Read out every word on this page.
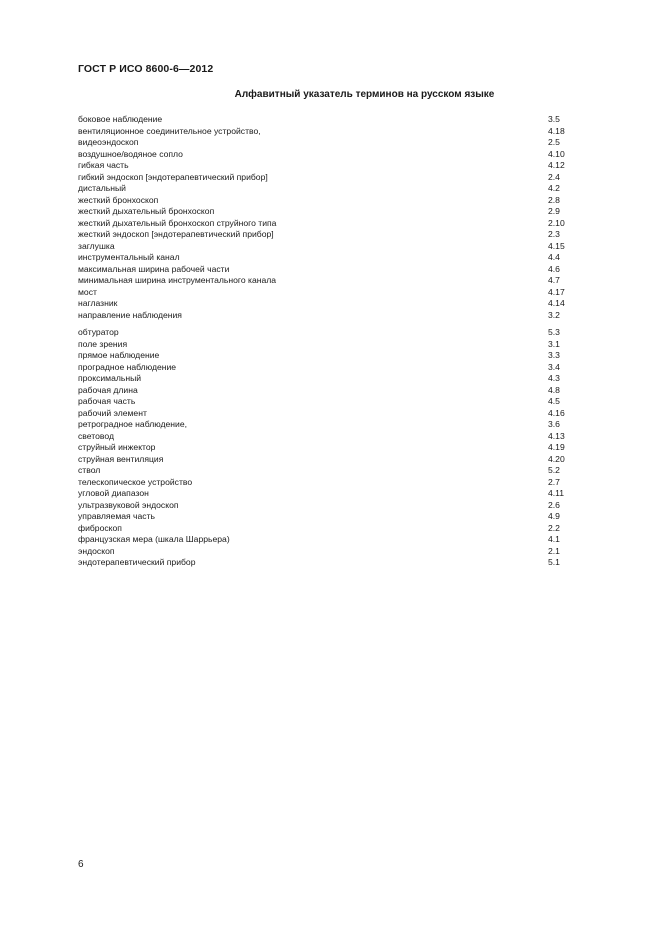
ГОСТ Р ИСО 8600-6—2012
Алфавитный указатель терминов на русском языке
боковое наблюдение	3.5
вентиляционное соединительное устройство,	4.18
видеоэндоскоп	2.5
воздушное/водяное сопло	4.10
гибкая часть	4.12
гибкий эндоскоп [эндотерапевтический прибор]	2.4
дистальный	4.2
жесткий бронхоскоп	2.8
жесткий дыхательный бронхоскоп	2.9
жесткий дыхательный бронхоскоп струйного типа	2.10
жесткий эндоскоп [эндотерапевтический прибор]	2.3
заглушка	4.15
инструментальный канал	4.4
максимальная ширина рабочей части	4.6
минимальная ширина инструментального канала	4.7
мост	4.17
наглазник	4.14
направление наблюдения	3.2
обтуратор	5.3
поле зрения	3.1
прямое наблюдение	3.3
проградное наблюдение	3.4
проксимальный	4.3
рабочая длина	4.8
рабочая часть	4.5
рабочий элемент	4.16
ретроградное наблюдение,	3.6
световод	4.13
струйный инжектор	4.19
струйная вентиляция	4.20
ствол	5.2
телескопическое устройство	2.7
угловой диапазон	4.11
ультразвуковой эндоскоп	2.6
управляемая часть	4.9
фиброскоп	2.2
французская мера (шкала Шаррьера)	4.1
эндоскоп	2.1
эндотерапевтический прибор	5.1
6
